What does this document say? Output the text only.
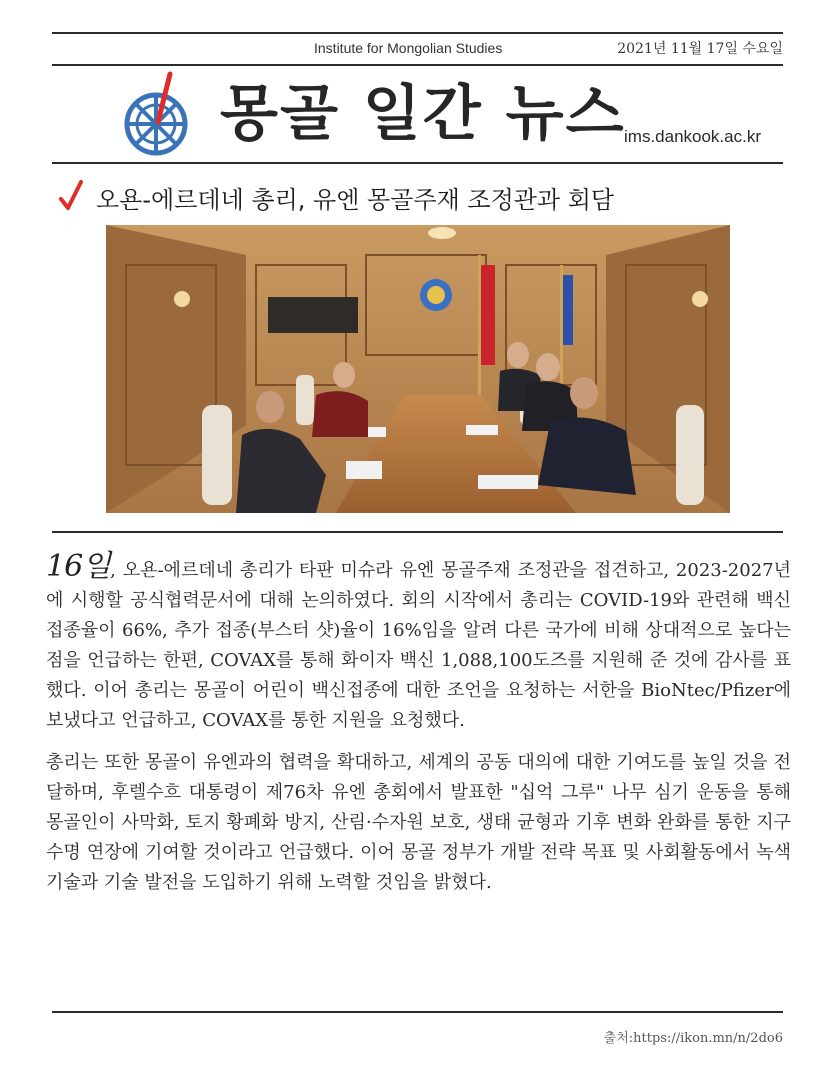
Institute for Mongolian Studies	2021년 11월 17일 수요일
몽골 일간 뉴스
ims.dankook.ac.kr
오욘-에르데네 총리, 유엔 몽골주재 조정관과 회담

16일, 오욘-에르데네 총리가 타판 미슈라 유엔 몽골주재 조정관을 접견하고, 2023-2027년에 시행할 공식협력문서에 대해 논의하였다. 회의 시작에서 총리는 COVID-19와 관련해 백신 접종율이 66%, 추가 접종(부스터 샷)율이 16%임을 알려 다른 국가에 비해 상대적으로 높다는 점을 언급하는 한편, COVAX를 통해 화이자 백신 1,088,100도즈를 지원해 준 것에 감사를 표했다. 이어 총리는 몽골이 어린이 백신접종에 대한 조언을 요청하는 서한을 BioNtec/Pfizer에 보냈다고 언급하고, COVAX를 통한 지원을 요청했다.

총리는 또한 몽골이 유엔과의 협력을 확대하고, 세계의 공동 대의에 대한 기여도를 높일 것을 전달하며, 후렐수흐 대통령이 제76차 유엔 총회에서 발표한 "십억 그루" 나무 심기 운동을 통해 몽골인이 사막화, 토지 황폐화 방지, 산림·수자원 보호, 생태 균형과 기후 변화 완화를 통한 지구 수명 연장에 기여할 것이라고 언급했다. 이어 몽골 정부가 개발 전략 목표 및 사회활동에서 녹색 기술과 기술 발전을 도입하기 위해 노력할 것임을 밝혔다.

출처:https://ikon.mn/n/2do6
